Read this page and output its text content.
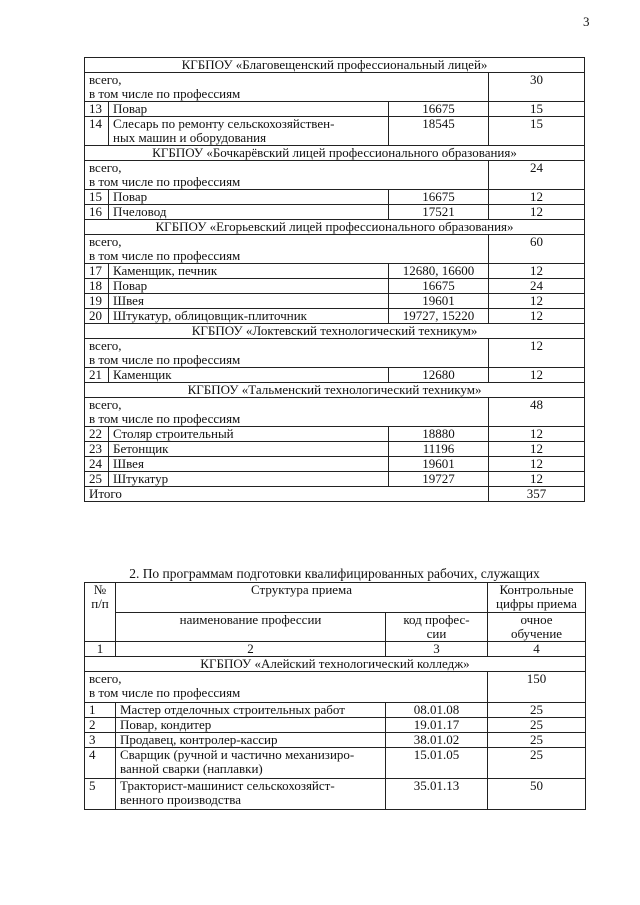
3
КГБПОУ «Благовещенский профессиональный лицей»			
всего,
в том числе по профессиям			30
13	Повар	16675	15
14	Слесарь по ремонту сельскохозяйствен-
ных машин и оборудования	18545	15
КГБПОУ «Бочкарёвский лицей профессионального образования»			
всего,
в том числе по профессиям			24
15	Повар	16675	12
16	Пчеловод	17521	12
КГБПОУ «Егорьевский лицей профессионального образования»			
всего,
в том числе по профессиям			60
17	Каменщик, печник	12680, 16600	12
18	Повар	16675	24
19	Швея	19601	12
20	Штукатур, облицовщик-плиточник	19727, 15220	12
КГБПОУ «Локтевский технологический техникум»			
всего,
в том числе по профессиям			12
21	Каменщик	12680	12
КГБПОУ «Тальменский технологический техникум»			
всего,
в том числе по профессиям			48
22	Столяр строительный	18880	12
23	Бетонщик	11196	12
24	Швея	19601	12
25	Штукатур	19727	12
Итого			357
2. По программам подготовки квалифицированных рабочих, служащих
№
п/п	Структура приема		Контрольные
цифры приема
	наименование профессии	код профес-
сии	очное
обучение
1	2	3	4
КГБПОУ «Алейский технологический колледж»			
всего,
в том числе по профессиям			150
1	Мастер отделочных строительных работ	08.01.08	25
2	Повар, кондитер	19.01.17	25
3	Продавец, контролер-кассир	38.01.02	25
4	Сварщик (ручной и частично механизиро-
ванной сварки (наплавки)	15.01.05	25
5	Тракторист-машинист сельскохозяйст-
венного производства	35.01.13	50
